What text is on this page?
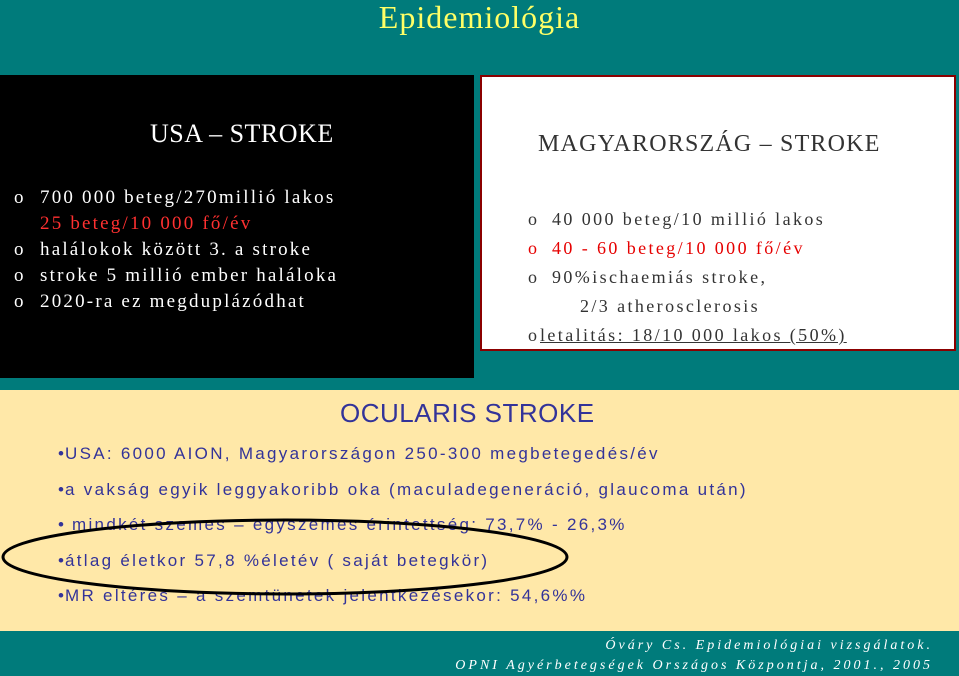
Epidemiológia
USA – STROKE
o 700 000 beteg/270millió lakos
25 beteg/10 000 fő/év
o halálokok között 3. a stroke
o stroke 5 millió ember haláloka
o 2020-ra ez megduplázódhat
MAGYARORSZÁG – STROKE
o 40 000 beteg/10 millió lakos
o 40 - 60 beteg/10 000 fő/év
o 90%ischaemiás stroke,
2/3 atherosclerosis
oletalitás: 18/10 000 lakos (50%)
OCULARIS STROKE
•USA: 6000 AION, Magyarországon 250-300 megbetegedés/év
•a vakság egyik leggyakoribb oka (maculadegeneráció, glaucoma után)
• mindkét szemes – egyszemes érintettség: 73,7% - 26,3%
•átlag életkor 57,8 %életév ( saját betegkör)
•MR eltérés – a szemtünetek jelentkezésekor: 54,6%%
Óváry Cs. Epidemiológiai vizsgálatok.
OPNI Agyérbetegségek Országos Központja, 2001., 2005
